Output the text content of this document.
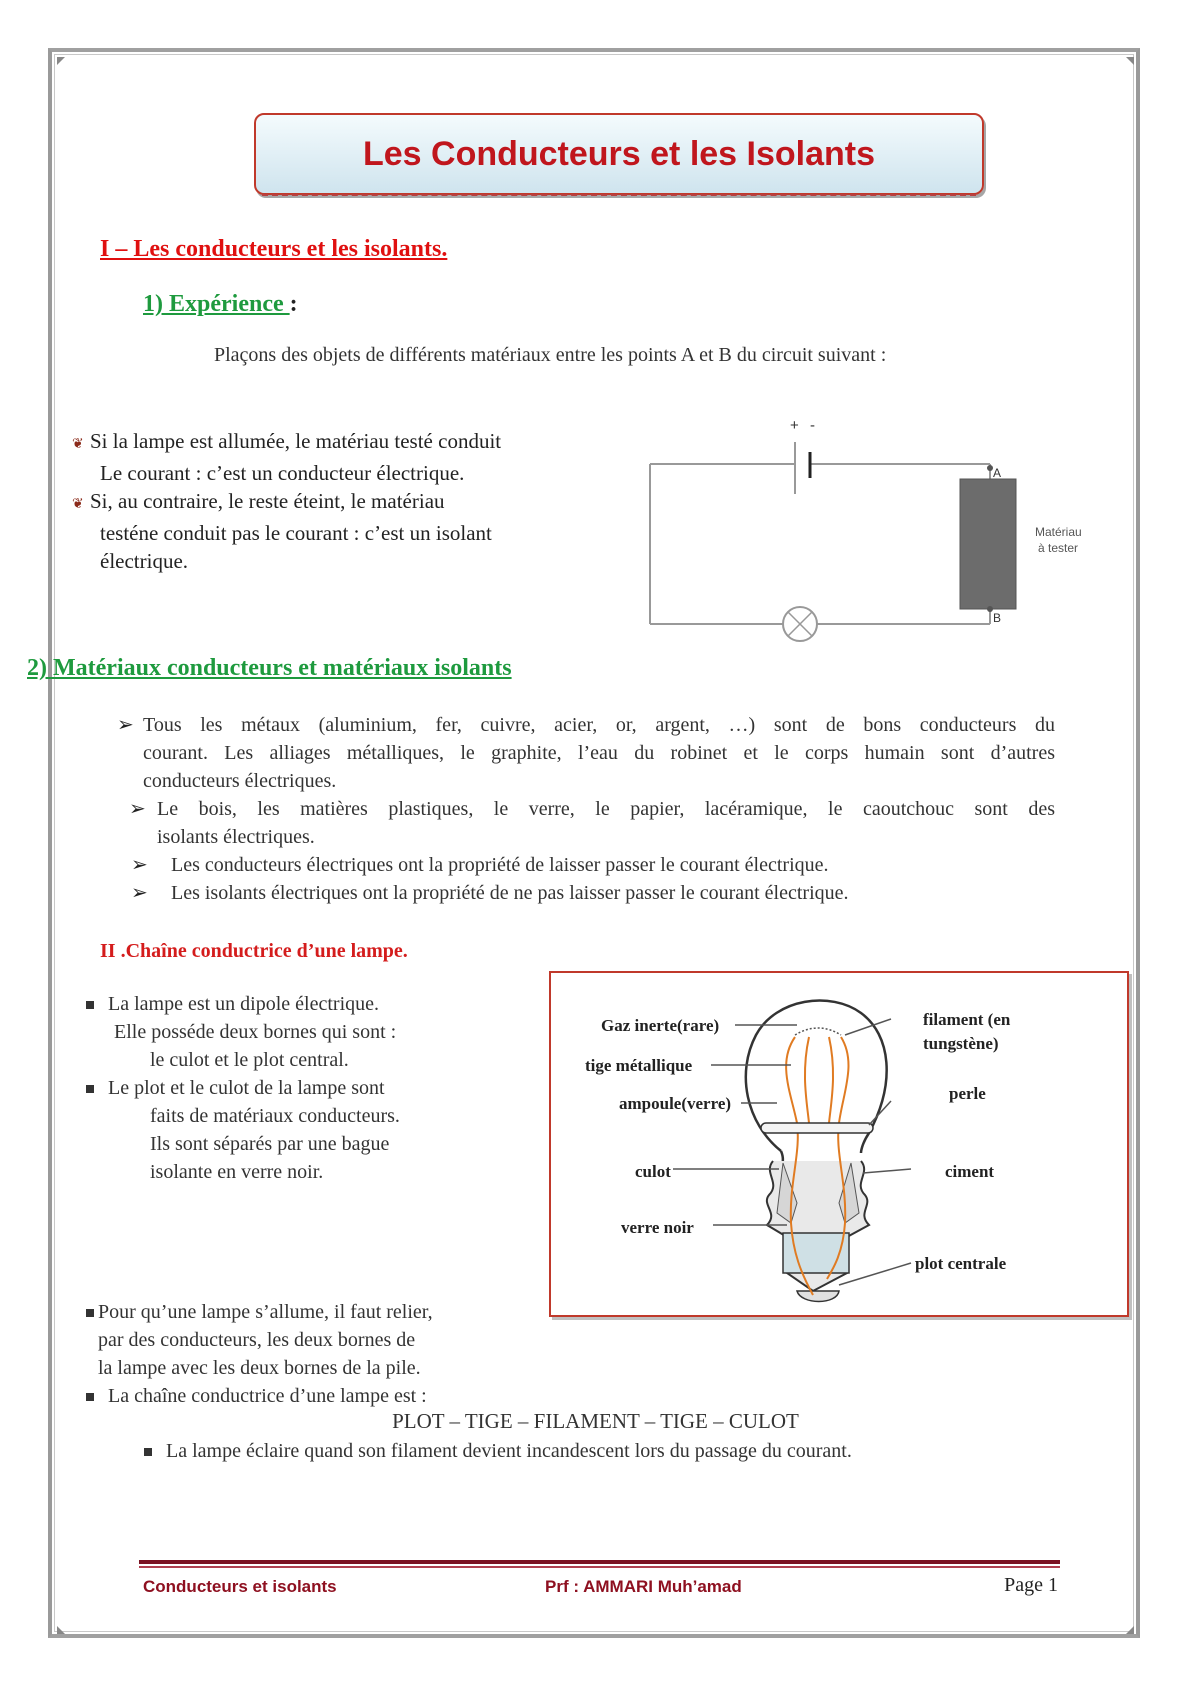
Les Conducteurs et les Isolants
I – Les conducteurs et les isolants.
1) Expérience :
Plaçons des objets de différents matériaux entre les points A et B du circuit suivant :
❦ Si la lampe est allumée, le matériau testé conduit
Le courant : c’est un conducteur électrique.
❦ Si, au contraire, le reste éteint, le matériau
testéne conduit pas le courant : c’est un isolant
électrique.
+ -
A
B
Matériau
à tester
2) Matériaux conducteurs et matériaux isolants
➢ Tous les métaux (aluminium, fer, cuivre, acier, or, argent, …) sont de bons conducteurs du
courant. Les alliages métalliques, le graphite, l’eau du robinet et le corps humain sont d’autres
conducteurs électriques.
➢ Le bois, les matières plastiques, le verre, le papier, lacéramique, le caoutchouc sont des
isolants électriques.
➢	Les conducteurs électriques ont la propriété de laisser passer le courant électrique.
➢	Les isolants électriques ont la propriété de ne pas laisser passer le courant électrique.
II .Chaîne conductrice d’une lampe.
La lampe est un dipole électrique.
Elle posséde deux bornes qui sont :
le culot et le plot central.
Le plot et le culot de la lampe sont
faits de matériaux conducteurs.
Ils sont séparés par une bague
isolante en verre noir.
Pour qu’une lampe s’allume, il faut relier,
par des conducteurs, les deux bornes de
la lampe avec les deux bornes de la pile.
La chaîne conductrice d’une lampe est :
PLOT – TIGE – FILAMENT – TIGE – CULOT
La lampe éclaire quand son filament devient incandescent lors du passage du courant.
Gaz inerte(rare)
tige métallique
ampoule(verre)
culot
verre noir
filament (en
tungstène)
perle
ciment
plot centrale
Conducteurs et isolants	Prf : AMMARI Muh’amad	Page 1
